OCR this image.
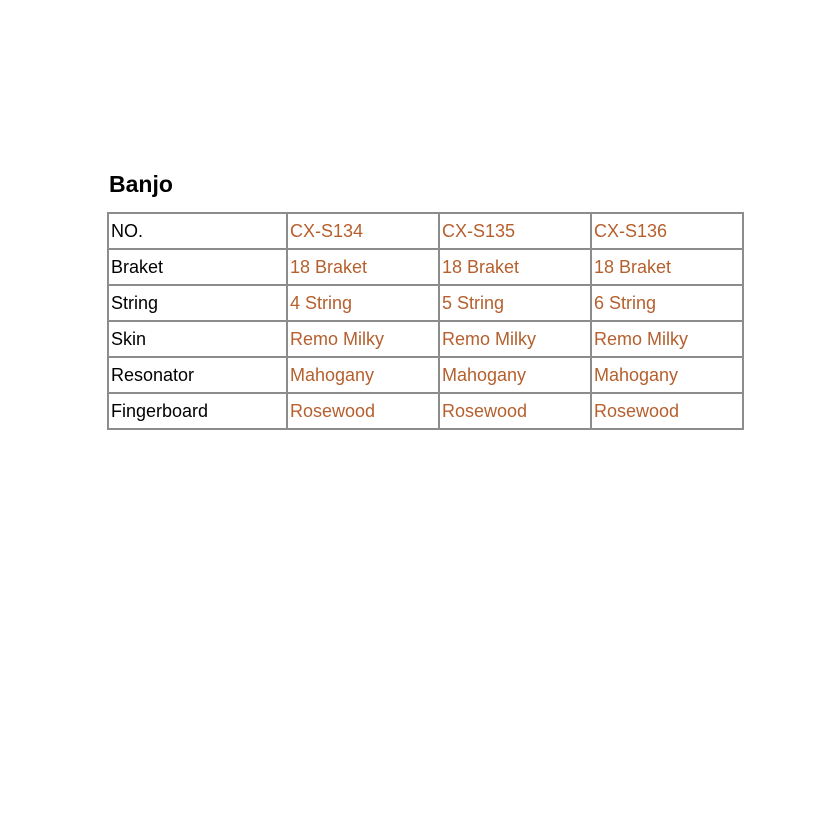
Banjo
NO.	CX-S134	CX-S135	CX-S136
Braket	18 Braket	18 Braket	18 Braket
String	4 String	5 String	6 String
Skin	Remo Milky	Remo Milky	Remo Milky
Resonator	Mahogany	Mahogany	Mahogany
Fingerboard	Rosewood	Rosewood	Rosewood
